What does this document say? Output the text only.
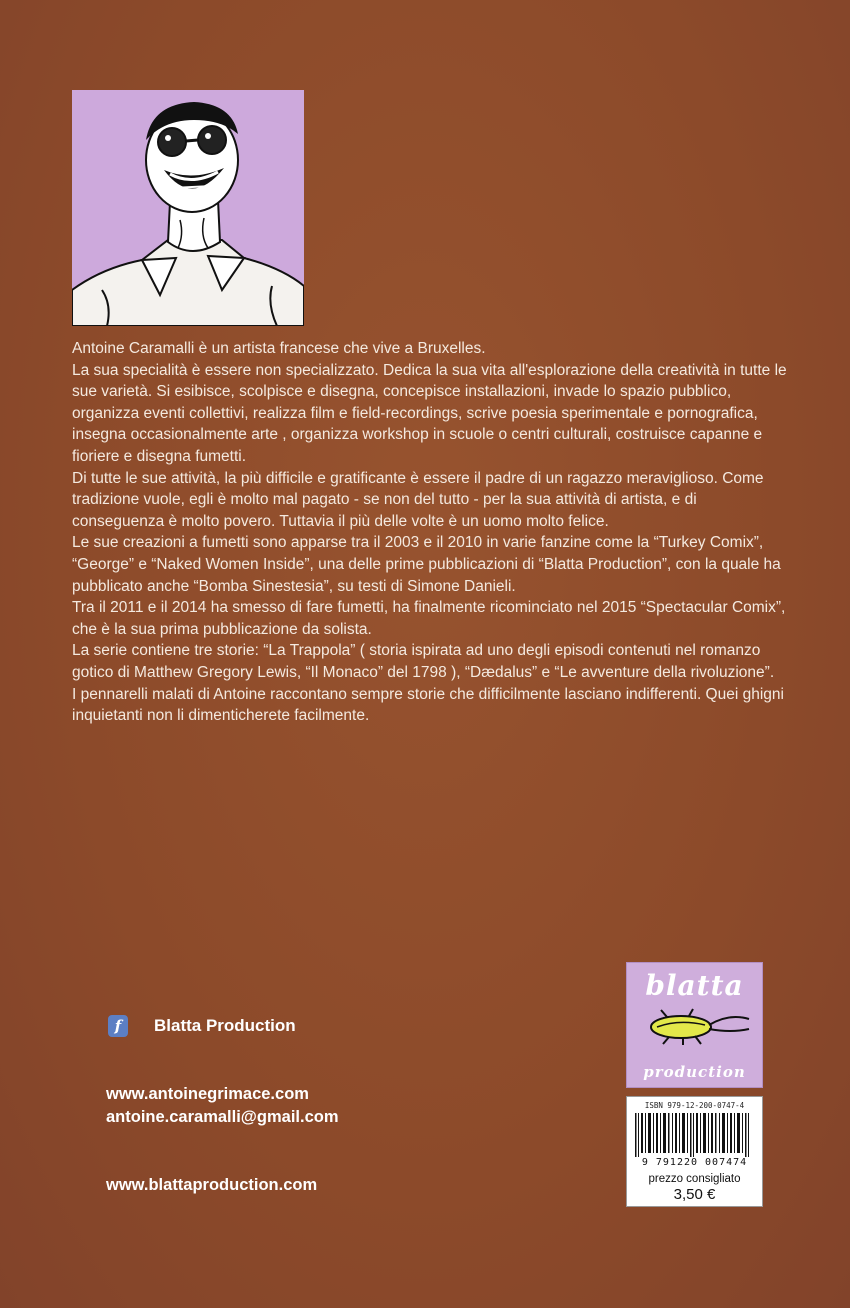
Antoine Caramalli è un artista francese che vive a Bruxelles.

La sua specialità è essere non specializzato. Dedica la sua vita all'esplorazione della creatività in tutte le sue varietà. Si esibisce, scolpisce e disegna, concepisce installazioni, invade lo spazio pubblico, organizza eventi collettivi, realizza film e field-recordings, scrive poesia sperimentale e pornografica, insegna occasionalmente arte , organizza workshop in scuole o centri culturali, costruisce capanne e fioriere e disegna fumetti.

Di tutte le sue attività, la più difficile e gratificante è essere il padre di un ragazzo meraviglioso. Come tradizione vuole, egli è molto mal pagato - se non del tutto - per la sua attività di artista, e di conseguenza è molto povero. Tuttavia il più delle volte è un uomo molto felice.

Le sue creazioni a fumetti sono apparse tra il 2003 e il 2010 in varie fanzine come la “Turkey Comix”, “George” e “Naked Women Inside”, una delle prime pubblicazioni di “Blatta Production”, con la quale ha pubblicato anche “Bomba Sinestesia”, su testi di Simone Danieli.

Tra il 2011 e il 2014 ha smesso di fare fumetti, ha finalmente ricominciato nel 2015 “Spectacular Comix”, che è la sua prima pubblicazione da solista.

La serie contiene tre storie: “La Trappola” ( storia ispirata ad uno degli episodi contenuti nel romanzo gotico di Matthew Gregory Lewis, “Il Monaco” del 1798 ), “Dædalus” e “Le avventure della rivoluzione”.

I pennarelli malati di Antoine raccontano sempre storie che difficilmente lasciano indifferenti. Quei ghigni inquietanti non li dimenticherete facilmente.

f	Blatta Production
www.antoinegrimace.com
antoine.caramalli@gmail.com
www.blattaproduction.com
blatta
production
ISBN 979-12-200-0747-4
9 791220 007474
prezzo consigliato
3,50 €
